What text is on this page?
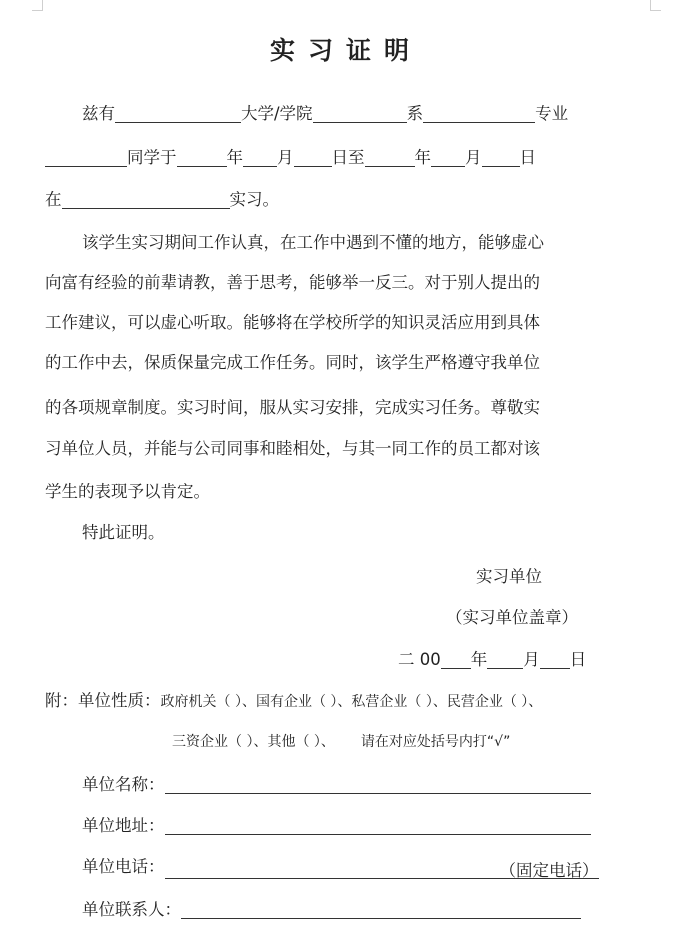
实习证明
兹有	大学/学院	系	专业
同学于	年 月 日至	年 月 日
在	实习。
该学生实习期间工作认真，在工作中遇到不懂的地方，能够虚心
向富有经验的前辈请教，善于思考，能够举一反三。对于别人提出的
工作建议，可以虚心听取。能够将在学校所学的知识灵活应用到具体
的工作中去，保质保量完成工作任务。同时，该学生严格遵守我单位
的各项规章制度。实习时间，服从实习安排，完成实习任务。尊敬实
习单位人员，并能与公司同事和睦相处，与其一同工作的员工都对该
学生的表现予以肯定。
特此证明。
实习单位
（实习单位盖章）
二 00 年 月 日
附：单位性质：政府机关（ ）、国有企业（ ）、私营企业（ ）、民营企业（ ）、
三资企业（ ）、其他（ ）、 请在对应处括号内打“√”
单位名称：
单位地址：
单位电话：	（固定电话）
单位联系人：
